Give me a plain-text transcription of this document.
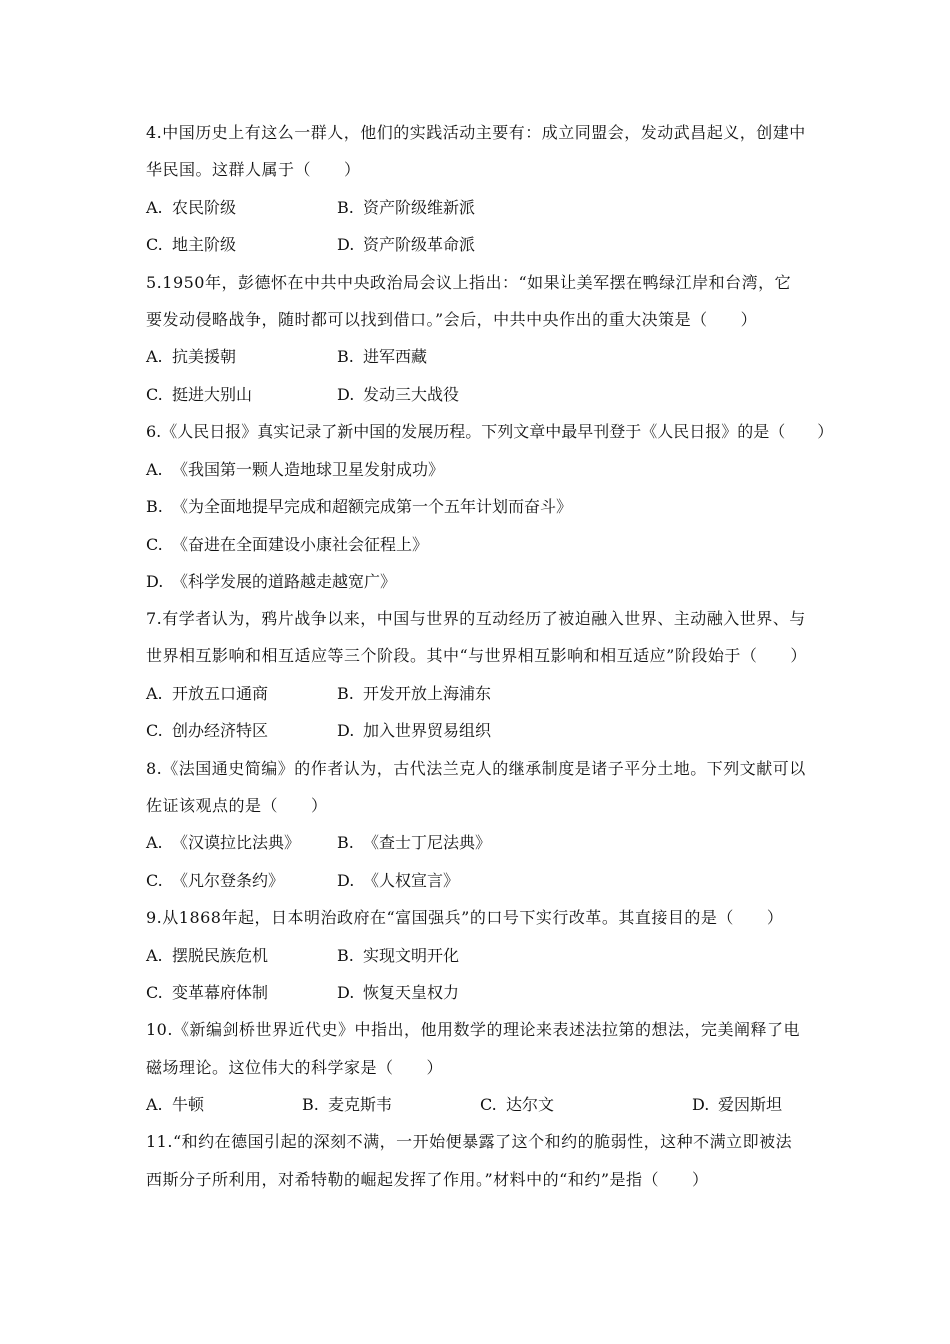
4.中国历史上有这么一群人，他们的实践活动主要有：成立同盟会，发动武昌起义，创建中
华民国。这群人属于（　　）
A. 农民阶级	B. 资产阶级维新派
C. 地主阶级	D. 资产阶级革命派
5.1950年，彭德怀在中共中央政治局会议上指出：“如果让美军摆在鸭绿江岸和台湾，它
要发动侵略战争，随时都可以找到借口。”会后，中共中央作出的重大决策是（　　）
A. 抗美援朝	B. 进军西藏
C. 挺进大别山	D. 发动三大战役
6.《人民日报》真实记录了新中国的发展历程。下列文章中最早刊登于《人民日报》的是（　　）
A. 《我国第一颗人造地球卫星发射成功》
B. 《为全面地提早完成和超额完成第一个五年计划而奋斗》
C. 《奋进在全面建设小康社会征程上》
D. 《科学发展的道路越走越宽广》
7.有学者认为，鸦片战争以来，中国与世界的互动经历了被迫融入世界、主动融入世界、与
世界相互影响和相互适应等三个阶段。其中“与世界相互影响和相互适应”阶段始于（　　）
A. 开放五口通商	B. 开发开放上海浦东
C. 创办经济特区	D. 加入世界贸易组织
8.《法国通史简编》的作者认为，古代法兰克人的继承制度是诸子平分土地。下列文献可以
佐证该观点的是（　　）
A. 《汉谟拉比法典》 B. 《查士丁尼法典》
C. 《凡尔登条约》	D. 《人权宣言》
9.从1868年起，日本明治政府在“富国强兵”的口号下实行改革。其直接目的是（　　）
A. 摆脱民族危机	B. 实现文明开化
C. 变革幕府体制	D. 恢复天皇权力
10.《新编剑桥世界近代史》中指出，他用数学的理论来表述法拉第的想法，完美阐释了电
磁场理论。这位伟大的科学家是（　　）
A. 牛顿	B. 麦克斯韦	C. 达尔文	D. 爱因斯坦
11.“和约在德国引起的深刻不满，一开始便暴露了这个和约的脆弱性，这种不满立即被法
西斯分子所利用，对希特勒的崛起发挥了作用。”材料中的“和约”是指（　　）
